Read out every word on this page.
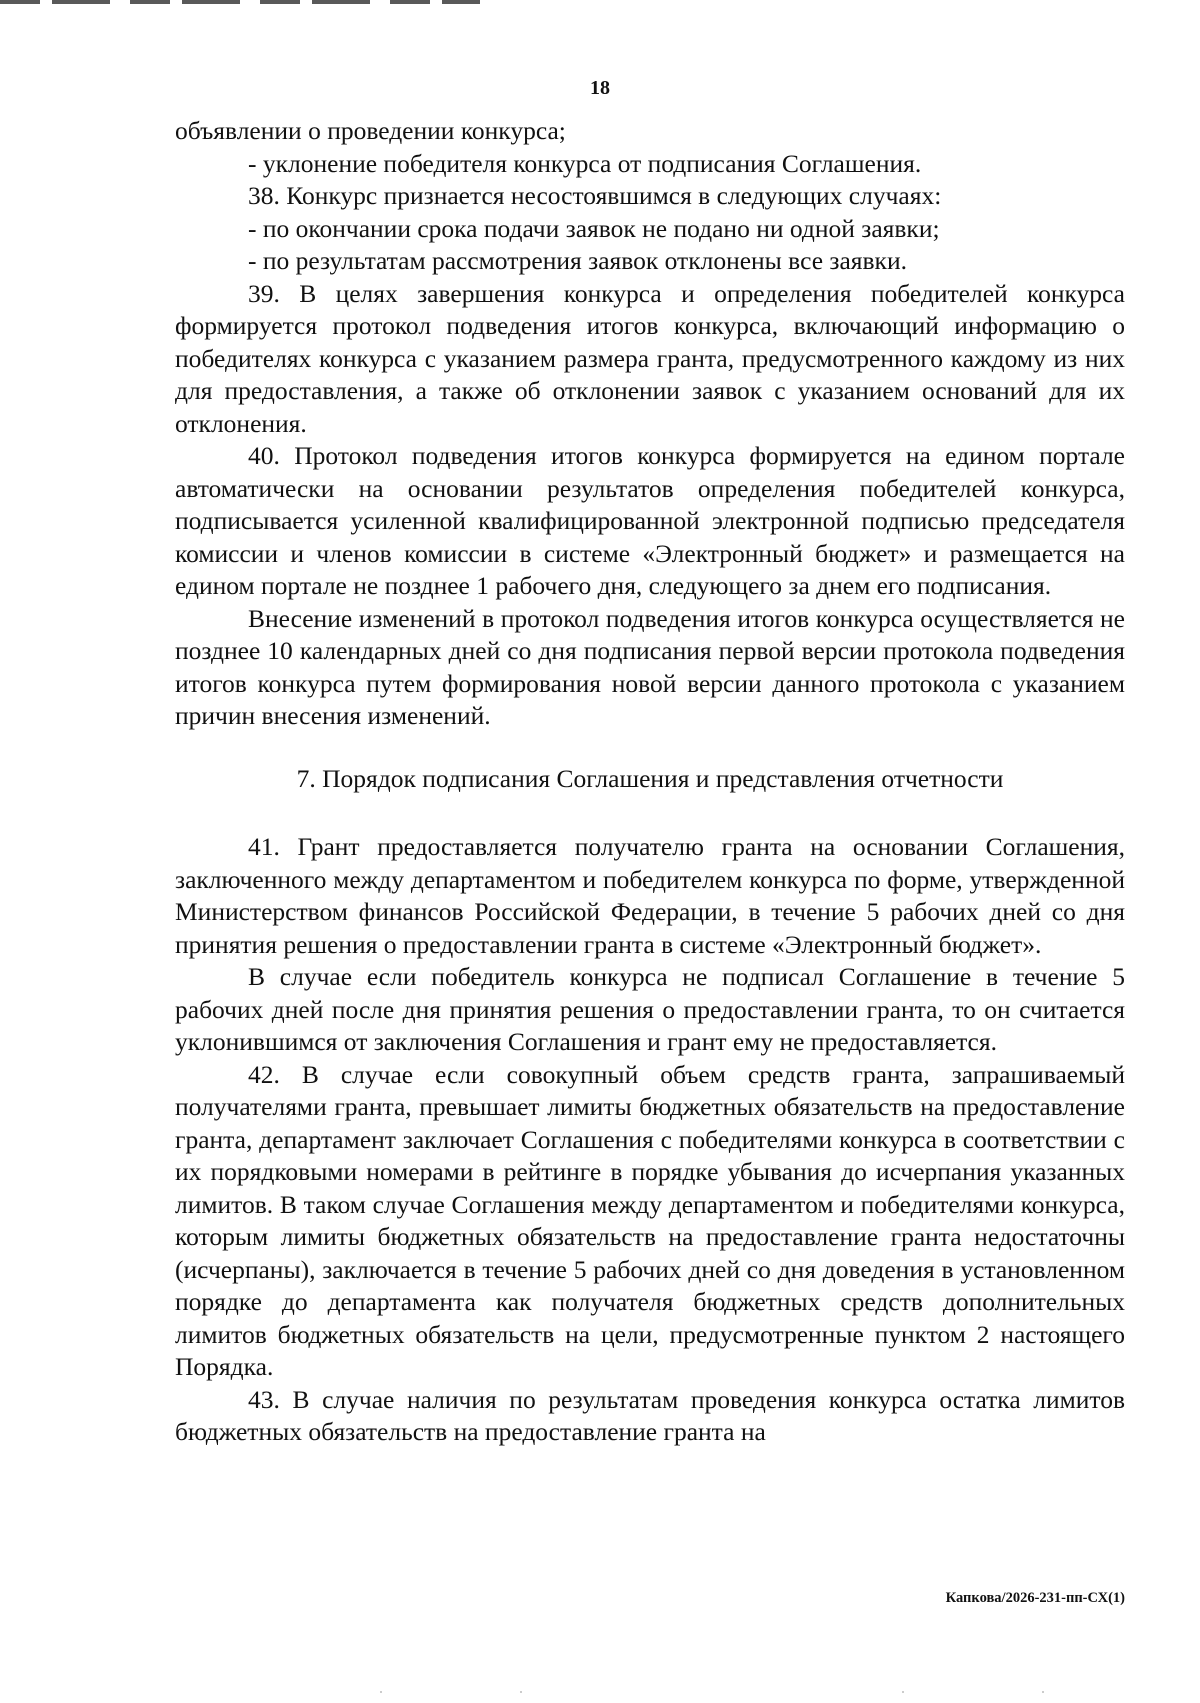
18

объявлении о проведении конкурса;

- уклонение победителя конкурса от подписания Соглашения.

38. Конкурс признается несостоявшимся в следующих случаях:

- по окончании срока подачи заявок не подано ни одной заявки;

- по результатам рассмотрения заявок отклонены все заявки.

39. В целях завершения конкурса и определения победителей конкурса формируется протокол подведения итогов конкурса, включающий информацию о победителях конкурса с указанием размера гранта, предусмотренного каждому из них для предоставления, а также об отклонении заявок с указанием оснований для их отклонения.

40. Протокол подведения итогов конкурса формируется на едином портале автоматически на основании результатов определения победителей конкурса, подписывается усиленной квалифицированной электронной подписью председателя комиссии и членов комиссии в системе «Электронный бюджет» и размещается на едином портале не позднее 1 рабочего дня, следующего за днем его подписания.

Внесение изменений в протокол подведения итогов конкурса осуществляется не позднее 10 календарных дней со дня подписания первой версии протокола подведения итогов конкурса путем формирования новой версии данного протокола с указанием причин внесения изменений.

7. Порядок подписания Соглашения и представления отчетности

41. Грант предоставляется получателю гранта на основании Соглашения, заключенного между департаментом и победителем конкурса по форме, утвержденной Министерством финансов Российской Федерации, в течение 5 рабочих дней со дня принятия решения о предоставлении гранта в системе «Электронный бюджет».

В случае если победитель конкурса не подписал Соглашение в течение 5 рабочих дней после дня принятия решения о предоставлении гранта, то он считается уклонившимся от заключения Соглашения и грант ему не предоставляется.

42. В случае если совокупный объем средств гранта, запрашиваемый получателями гранта, превышает лимиты бюджетных обязательств на предоставление гранта, департамент заключает Соглашения с победителями конкурса в соответствии с их порядковыми номерами в рейтинге в порядке убывания до исчерпания указанных лимитов. В таком случае Соглашения между департаментом и победителями конкурса, которым лимиты бюджетных обязательств на предоставление гранта недостаточны (исчерпаны), заключается в течение 5 рабочих дней со дня доведения в установленном порядке до департамента как получателя бюджетных средств дополнительных лимитов бюджетных обязательств на цели, предусмотренные пунктом 2 настоящего Порядка.

43. В случае наличия по результатам проведения конкурса остатка лимитов бюджетных обязательств на предоставление гранта на

Капкова/2026-231-пп-СХ(1)
